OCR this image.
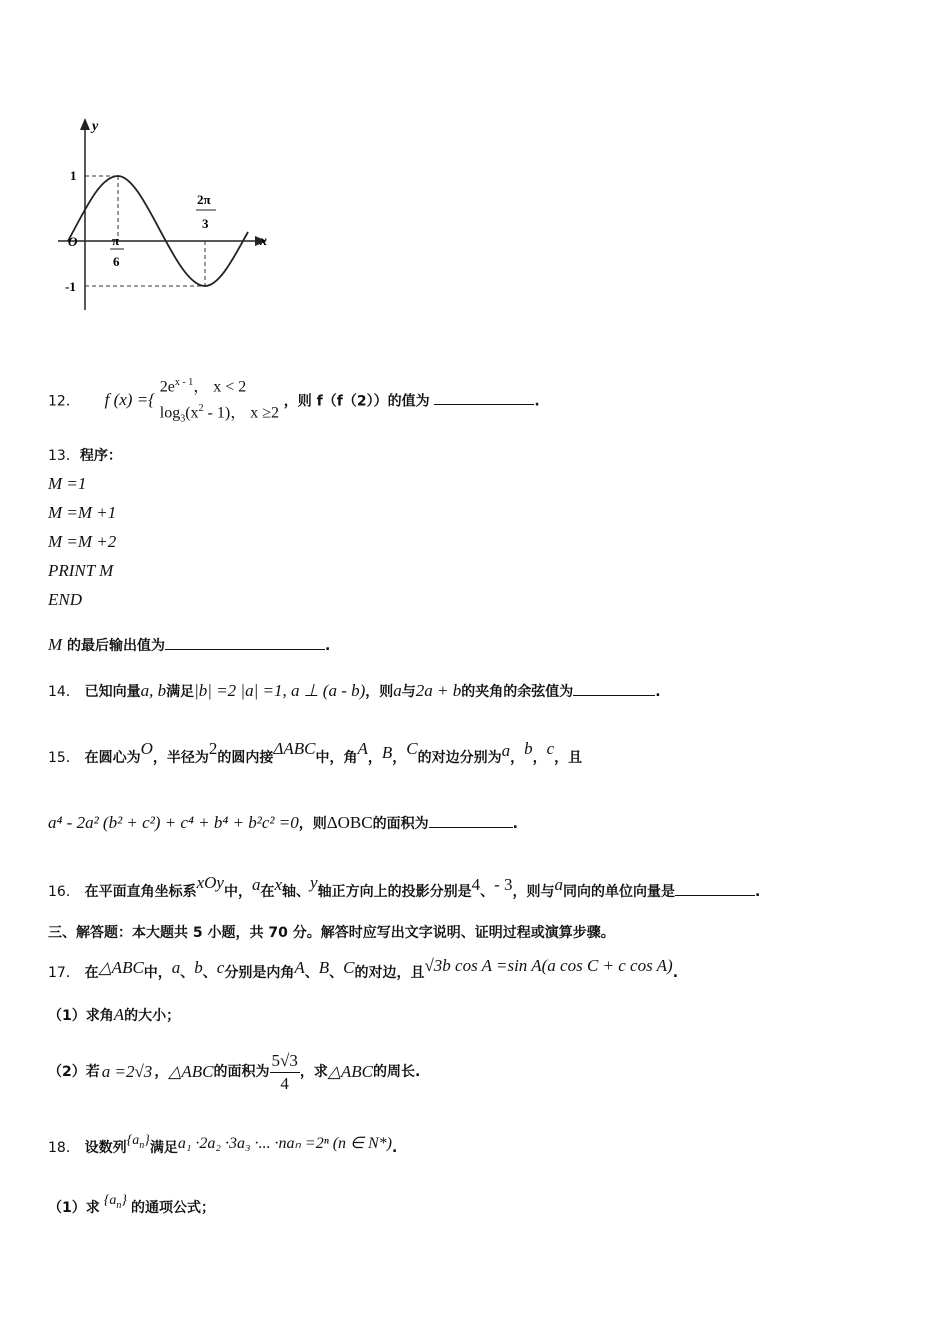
y
x
O
1
-1
π
6
2π
3
12． f (x) ={
$2e^{x - 1}$， x < 2
$\log_3(x^2 - 1)$， x ≥2
，则 f（f（2））的值为	.
13．程序：
M =1
M =M +1
M =M +2
PRINT M
END
M 的最后输出值为	.
14． 已知向量a, b满足|b| =2 |a| =1, a ⊥ (a - b)，则a与2a + b的夹角的余弦值为	.
15． 在圆心为O，半径为2的圆内接ΔABC中，角A，B，C的对边分别为a，b，c，且
a⁴ - 2a² (b² + c²) + c⁴ + b⁴ + b²c² =0，则ΔOBC的面积为	.
16． 在平面直角坐标系xOy中，a在x轴、y轴正方向上的投影分别是4、- 3，则与a同向的单位向量是	.
三、解答题：本大题共 5 小题，共 70 分。解答时应写出文字说明、证明过程或演算步骤。
17． 在△ABC中，a、b、c分别是内角A、B、C的对边，且√3b cos A =sin A(a cos C + c cos A).
（1）求角A的大小；
（2）若 a =2√3 ， △ABC 的面积为 $\frac{5√3}{4}$ ，求 △ABC 的周长.
18． 设数列$\{a_n\}$满足a₁ ·2a₂ ·3a₃ ·... ·naₙ =2ⁿ (n ∈ N*).
（1）求 $\{a_n\}$ 的通项公式；
